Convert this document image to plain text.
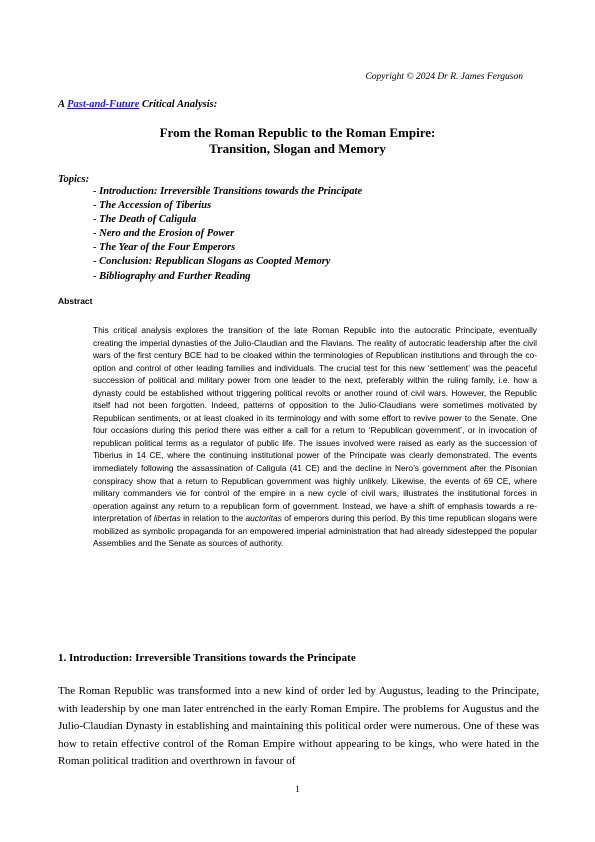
Copyright © 2024 Dr R. James Ferguson
A Past-and-Future Critical Analysis:
From the Roman Republic to the Roman Empire:
Transition, Slogan and Memory
Topics:
- Introduction: Irreversible Transitions towards the Principate
- The Accession of Tiberius
- The Death of Caligula
- Nero and the Erosion of Power
- The Year of the Four Emperors
- Conclusion: Republican Slogans as Coopted Memory
- Bibliography and Further Reading
Abstract

This critical analysis explores the transition of the late Roman Republic into the autocratic Principate, eventually creating the imperial dynasties of the Julio-Claudian and the Flavians. The reality of autocratic leadership after the civil wars of the first century BCE had to be cloaked within the terminologies of Republican institutions and through the co-option and control of other leading families and individuals. The crucial test for this new ‘settlement’ was the peaceful succession of political and military power from one leader to the next, preferably within the ruling family, i.e. how a dynasty could be established without triggering political revolts or another round of civil wars. However, the Republic itself had not been forgotten. Indeed, patterns of opposition to the Julio-Claudians were sometimes motivated by Republican sentiments, or at least cloaked in its terminology and with some effort to revive power to the Senate. One four occasions during this period there was either a call for a return to ‘Republican government’, or in invocation of republican political terms as a regulator of public life. The issues involved were raised as early as the succession of Tiberius in 14 CE, where the continuing institutional power of the Principate was clearly demonstrated. The events immediately following the assassination of Caligula (41 CE) and the decline in Nero’s government after the Pisonian conspiracy show that a return to Republican government was highly unlikely. Likewise, the events of 69 CE, where military commanders vie for control of the empire in a new cycle of civil wars, illustrates the institutional forces in operation against any return to a republican form of government. Instead, we have a shift of emphasis towards a re-interpretation of libertas in relation to the auctoritas of emperors during this period. By this time republican slogans were mobilized as symbolic propaganda for an empowered imperial administration that had already sidestepped the popular Assemblies and the Senate as sources of authority.

1. Introduction: Irreversible Transitions towards the Principate

The Roman Republic was transformed into a new kind of order led by Augustus, leading to the Principate, with leadership by one man later entrenched in the early Roman Empire. The problems for Augustus and the Julio-Claudian Dynasty in establishing and maintaining this political order were numerous. One of these was how to retain effective control of the Roman Empire without appearing to be kings, who were hated in the Roman political tradition and overthrown in favour of

1
